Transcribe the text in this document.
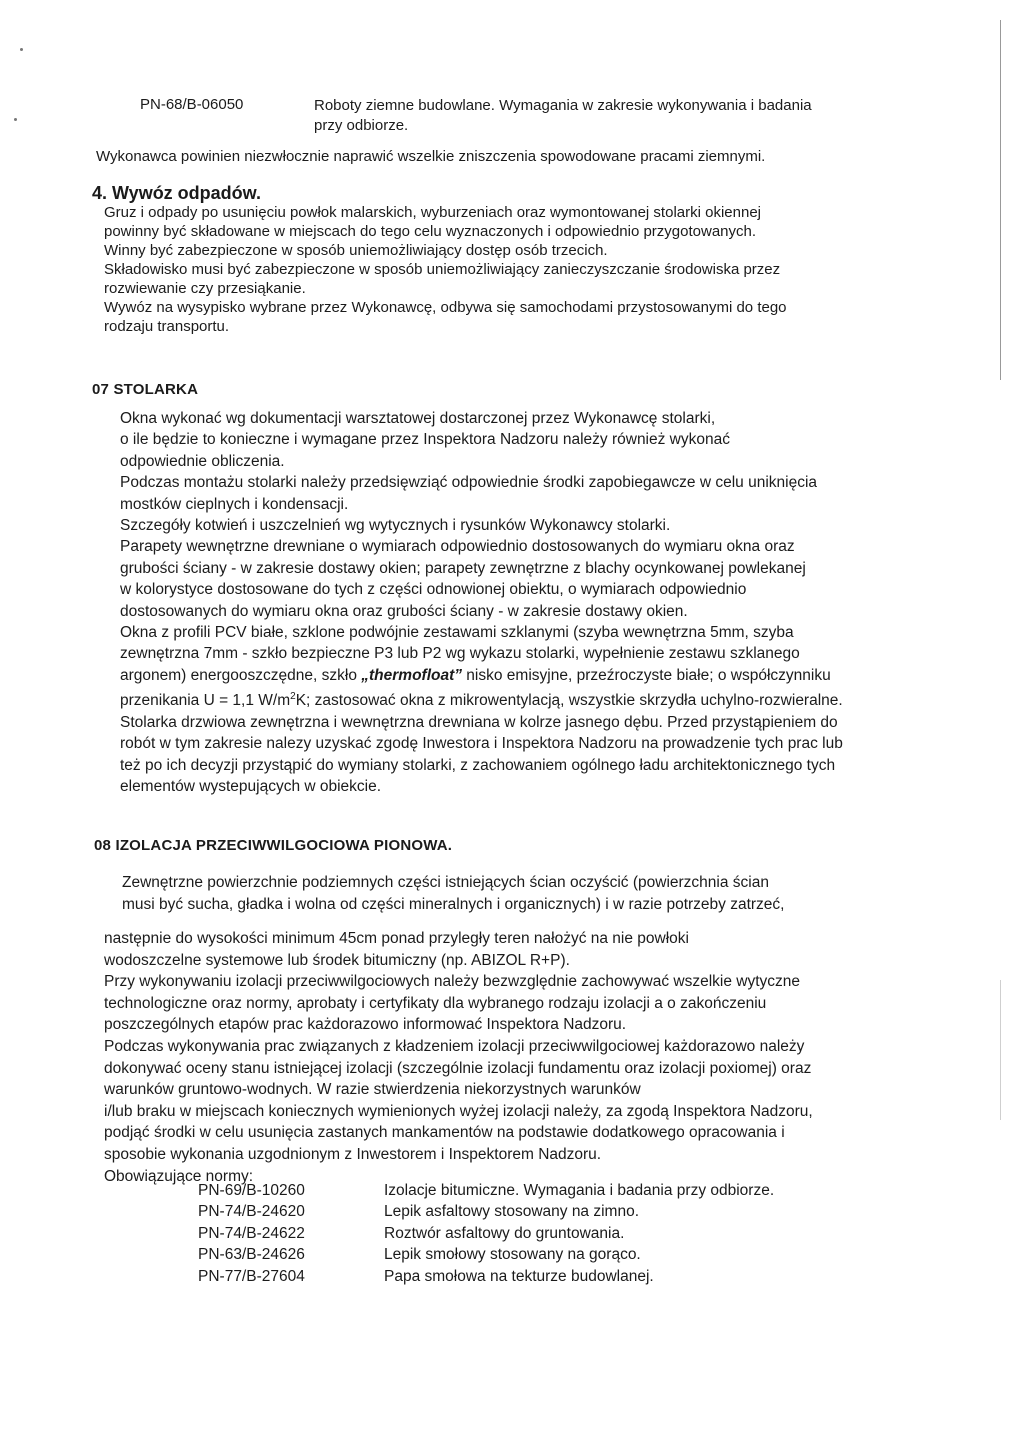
PN-68/B-06050	Roboty ziemne budowlane. Wymagania w zakresie wykonywania i badania
przy odbiorze.

Wykonawca powinien niezwłocznie naprawić wszelkie zniszczenia spowodowane pracami ziemnymi.

4. Wywóz odpadów.

Gruz i odpady po usunięciu powłok malarskich, wyburzeniach oraz wymontowanej stolarki okiennej

powinny być składowane w miejscach do tego celu wyznaczonych i odpowiednio przygotowanych.

Winny być zabezpieczone w sposób uniemożliwiający dostęp osób trzecich.

Składowisko musi być zabezpieczone w sposób uniemożliwiający zanieczyszczanie środowiska przez

rozwiewanie czy przesiąkanie.

Wywóz na wysypisko wybrane przez Wykonawcę, odbywa się samochodami przystosowanymi do tego

rodzaju transportu.

07 STOLARKA

Okna wykonać wg dokumentacji warsztatowej dostarczonej przez Wykonawcę stolarki,

o ile będzie to konieczne i wymagane przez Inspektora Nadzoru należy również wykonać

odpowiednie obliczenia.

Podczas montażu stolarki należy przedsięwziąć odpowiednie środki zapobiegawcze w celu uniknięcia

mostków cieplnych i kondensacji.

Szczegóły kotwień i uszczelnień wg wytycznych i rysunków Wykonawcy stolarki.

Parapety wewnętrzne drewniane o wymiarach odpowiednio dostosowanych do wymiaru okna oraz

grubości ściany - w zakresie dostawy okien; parapety zewnętrzne z blachy ocynkowanej powlekanej

w kolorystyce dostosowane do tych z części odnowionej obiektu, o wymiarach odpowiednio

dostosowanych do wymiaru okna oraz grubości ściany - w zakresie dostawy okien.

Okna z profili PCV białe, szklone podwójnie zestawami szklanymi (szyba wewnętrzna 5mm, szyba

zewnętrzna 7mm - szkło bezpieczne P3 lub P2 wg wykazu stolarki, wypełnienie zestawu szklanego

argonem) energooszczędne, szkło „thermofloat” nisko emisyjne, przeźroczyste białe; o współczynniku

przenikania U = 1,1 $W/m^2K$; zastosować okna z mikrowentylacją, wszystkie skrzydła uchylno-rozwieralne.

Stolarka drzwiowa zewnętrzna i wewnętrzna drewniana w kolrze jasnego dębu. Przed przystąpieniem do

robót w tym zakresie nalezy uzyskać zgodę Inwestora i Inspektora Nadzoru na prowadzenie tych prac lub

też po ich decyzji przystąpić do wymiany stolarki, z zachowaniem ogólnego ładu architektonicznego tych

elementów wystepujących w obiekcie.

08 IZOLACJA PRZECIWWILGOCIOWA PIONOWA.

Zewnętrzne powierzchnie podziemnych części istniejących ścian oczyścić (powierzchnia ścian

musi być sucha, gładka i wolna od części mineralnych i organicznych) i w razie potrzeby zatrzeć,

następnie do wysokości minimum 45cm ponad przyległy teren nałożyć na nie powłoki

wodoszczelne systemowe lub środek bitumiczny (np. ABIZOL R+P).

Przy wykonywaniu izolacji przeciwwilgociowych należy bezwzględnie zachowywać wszelkie wytyczne

technologiczne oraz normy, aprobaty i certyfikaty dla wybranego rodzaju izolacji a o zakończeniu

poszczególnych etapów prac każdorazowo informować Inspektora Nadzoru.

Podczas wykonywania prac związanych z kładzeniem izolacji przeciwwilgociowej każdorazowo należy

dokonywać oceny stanu istniejącej izolacji (szczególnie izolacji fundamentu oraz izolacji poxiomej) oraz

warunków gruntowo-wodnych. W razie stwierdzenia niekorzystnych warunków

i/lub braku w miejscach koniecznych wymienionych wyżej izolacji należy, za zgodą Inspektora Nadzoru,

podjąć środki w celu usunięcia zastanych mankamentów na podstawie dodatkowego opracowania i

sposobie wykonania uzgodnionym z Inwestorem i Inspektorem Nadzoru.

Obowiązujące normy:

PN-69/B-10260	Izolacje bitumiczne. Wymagania i badania przy odbiorze.
PN-74/B-24620	Lepik asfaltowy stosowany na zimno.
PN-74/B-24622	Roztwór asfaltowy do gruntowania.
PN-63/B-24626	Lepik smołowy stosowany na gorąco.
PN-77/B-27604	Papa smołowa na tekturze budowlanej.
